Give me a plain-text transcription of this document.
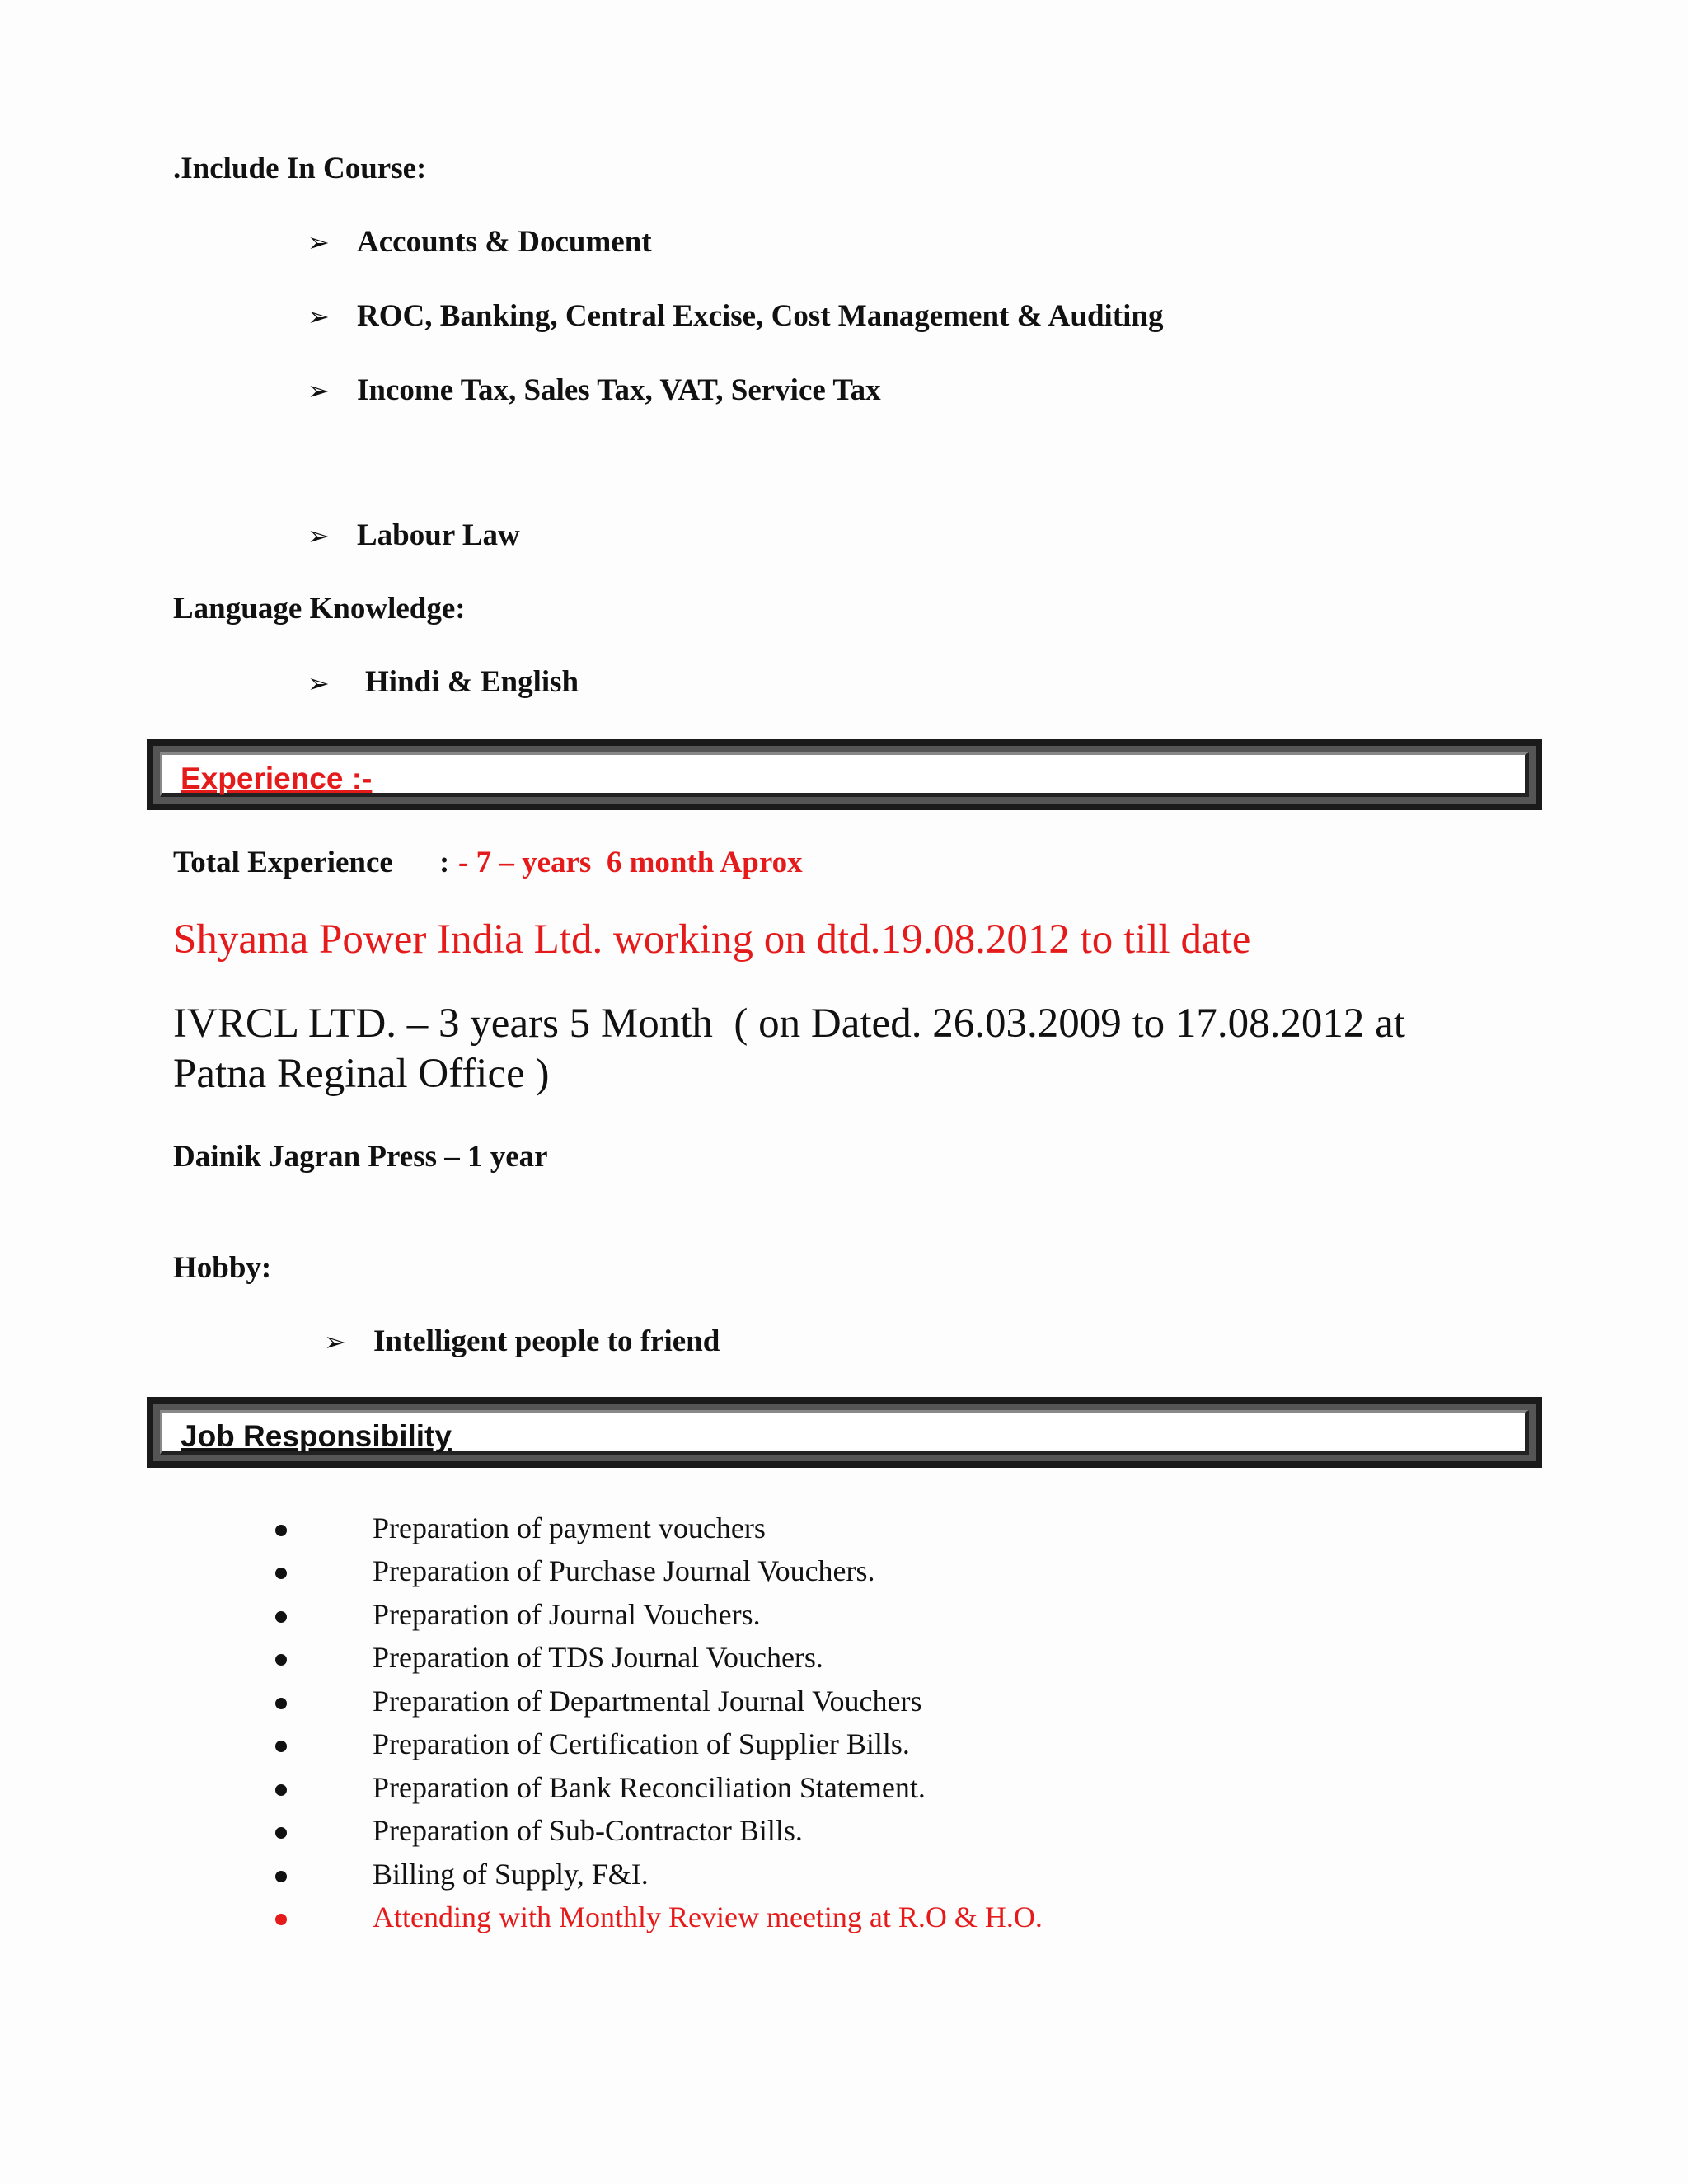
.Include In Course:
➢ Accounts & Document
➢ ROC, Banking, Central Excise, Cost Management & Auditing
➢ Income Tax, Sales Tax, VAT, Service Tax
➢ Labour Law
Language Knowledge:
➢ Hindi & English
Experience :-
Total Experience : - 7 – years  6 month Aprox
Shyama Power India Ltd. working on dtd.19.08.2012 to till date
IVRCL LTD. – 3 years 5 Month  ( on Dated. 26.03.2009 to 17.08.2012 at
Patna Reginal Office )
Dainik Jagran Press – 1 year
Hobby:
➢ Intelligent people to friend
Job Responsibility
Preparation of payment vouchers
Preparation of Purchase Journal Vouchers.
Preparation of Journal Vouchers.
Preparation of TDS Journal Vouchers.
Preparation of Departmental Journal Vouchers
Preparation of Certification of Supplier Bills.
Preparation of Bank Reconciliation Statement.
Preparation of Sub-Contractor Bills.
Billing of Supply, F&I.
Attending with Monthly Review meeting at R.O & H.O.
